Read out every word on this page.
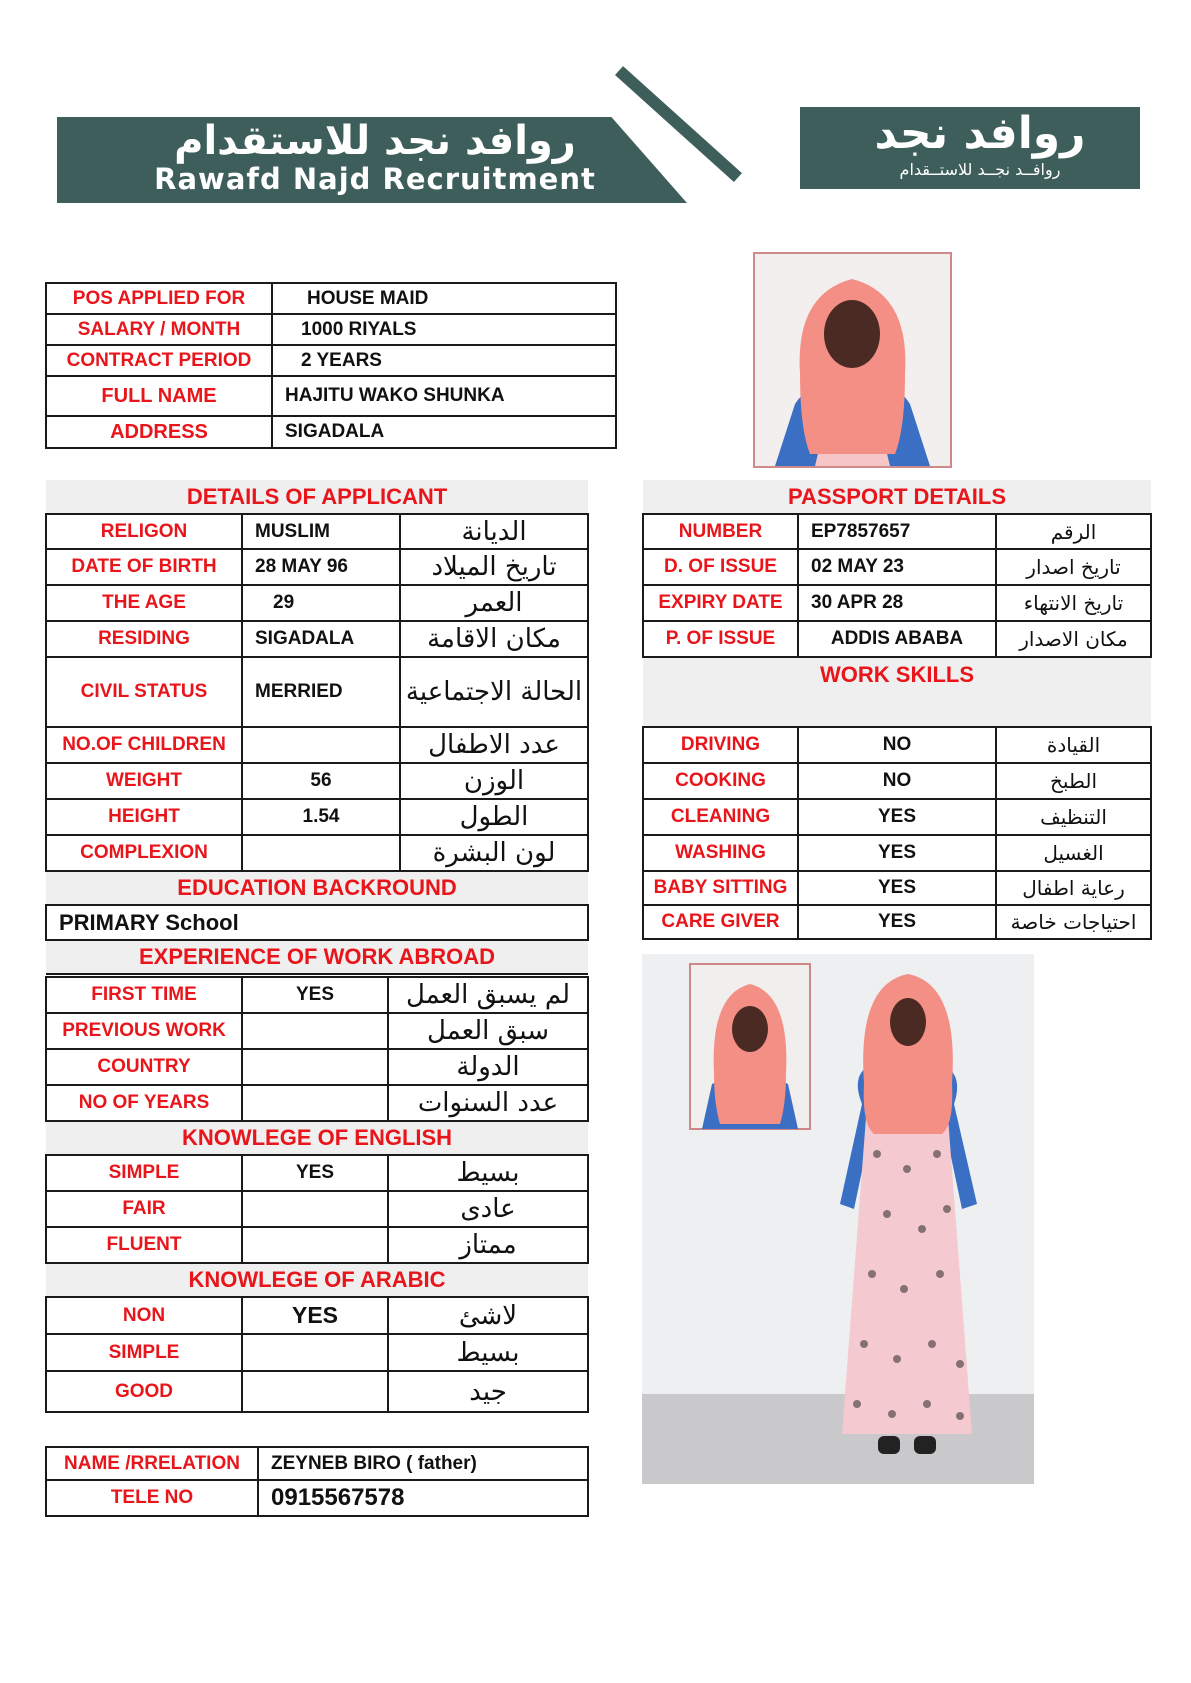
روافد نجد للاستقدام
Rawafd Najd Recruitment
روافد نجد
روافــد نجــد للاستــقدام
POS APPLIED FOR	HOUSE MAID
SALARY / MONTH	1000 RIYALS
CONTRACT PERIOD	2 YEARS
FULL NAME	HAJITU WAKO SHUNKA
ADDRESS	SIGADALA
DETAILS OF APPLICANT		
RELIGON	MUSLIM	الديانة
DATE OF BIRTH	28 MAY 96	تاريخ الميلاد
THE AGE	29	العمر
RESIDING	SIGADALA	مكان الاقامة
CIVIL STATUS	MERRIED	الحالة الاجتماعية
NO.OF CHILDREN		عدد الاطفال
WEIGHT	56	الوزن
HEIGHT	1.54	الطول
COMPLEXION		لون البشرة
EDUCATION BACKROUND		
PRIMARY School		
EXPERIENCE OF WORK ABROAD		
FIRST TIME	YES	لم يسبق العمل
PREVIOUS WORK		سبق العمل
COUNTRY		الدولة
NO OF YEARS		عدد السنوات
KNOWLEGE OF ENGLISH		
SIMPLE	YES	بسيط
FAIR		عادى
FLUENT		ممتاز
KNOWLEGE OF ARABIC		
NON	YES	لاشئ
SIMPLE		بسيط
GOOD		جيد
NAME /RRELATION	ZEYNEB BIRO ( father)
TELE NO	0915567578
PASSPORT DETAILS		
NUMBER	EP7857657	الرقم
D. OF ISSUE	02 MAY 23	تاريخ اصدار
EXPIRY DATE	30 APR 28	تاريخ الانتهاء
P. OF ISSUE	ADDIS ABABA	مكان الاصدار
WORK SKILLS		
DRIVING	NO	القيادة
COOKING	NO	الطبخ
CLEANING	YES	التنظيف
WASHING	YES	الغسيل
BABY SITTING	YES	رعاية اطفال
CARE GIVER	YES	احتياجات خاصة
